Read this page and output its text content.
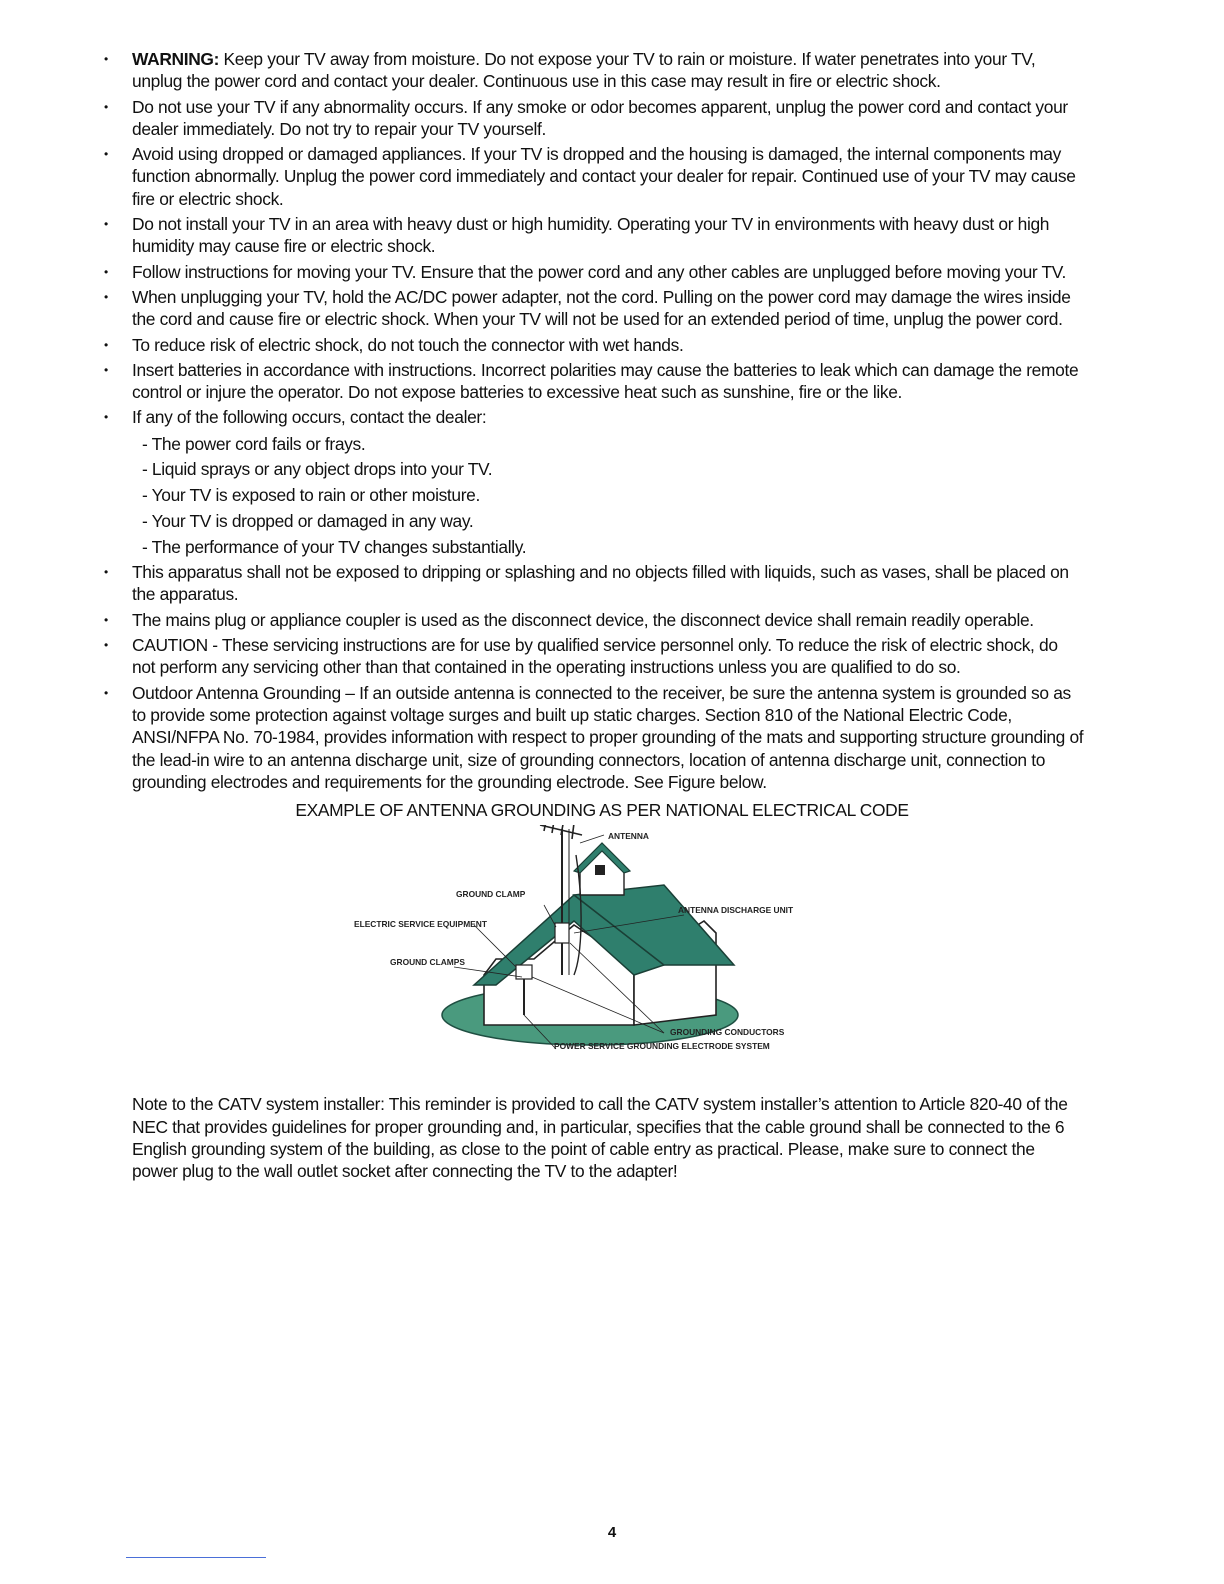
• WARNING: Keep your TV away from moisture. Do not expose your TV to rain or moisture. If water penetrates into your TV, unplug the power cord and contact your dealer. Continuous use in this case may result in fire or electric shock.
• Do not use your TV if any abnormality occurs. If any smoke or odor becomes apparent, unplug the power cord and contact your dealer immediately. Do not try to repair your TV yourself.
• Avoid using dropped or damaged appliances. If your TV is dropped and the housing is damaged, the internal components may function abnormally. Unplug the power cord immediately and contact your dealer for repair. Continued use of your TV may cause fire or electric shock.
• Do not install your TV in an area with heavy dust or high humidity. Operating your TV in environments with heavy dust or high humidity may cause fire or electric shock.
• Follow instructions for moving your TV. Ensure that the power cord and any other cables are unplugged before moving your TV.
• When unplugging your TV, hold the AC/DC power adapter, not the cord. Pulling on the power cord may damage the wires inside the cord and cause fire or electric shock. When your TV will not be used for an extended period of time, unplug the power cord.
• To reduce risk of electric shock, do not touch the connector with wet hands.
• Insert batteries in accordance with instructions. Incorrect polarities may cause the batteries to leak which can damage the remote control or injure the operator. Do not expose batteries to excessive heat such as sunshine, fire or the like.
• If any of the following occurs, contact the dealer:
- The power cord fails or frays.
- Liquid sprays or any object drops into your TV.
- Your TV is exposed to rain or other moisture.
- Your TV is dropped or damaged in any way.
- The performance of your TV changes substantially.
• This apparatus shall not be exposed to dripping or splashing and no objects filled with liquids, such as vases, shall be placed on the apparatus.
• The mains plug or appliance coupler is used as the disconnect device, the disconnect device shall remain readily operable.
• CAUTION - These servicing instructions are for use by qualified service personnel only. To reduce the risk of electric shock, do not perform any servicing other than that contained in the operating instructions unless you are qualified to do so.
• Outdoor Antenna Grounding – If an outside antenna is connected to the receiver, be sure the antenna system is grounded so as to provide some protection against voltage surges and built up static charges. Section 810 of the National Electric Code, ANSI/NFPA No. 70-1984, provides information with respect to proper grounding of the mats and supporting structure grounding of the lead-in wire to an antenna discharge unit, size of grounding connectors, location of antenna discharge unit, connection to grounding electrodes and requirements for the grounding electrode. See Figure below.
EXAMPLE OF ANTENNA GROUNDING AS PER NATIONAL ELECTRICAL CODE
ANTENNA
GROUND CLAMP
ANTENNA DISCHARGE UNIT
ELECTRIC SERVICE EQUIPMENT
GROUND CLAMPS
GROUNDING CONDUCTORS
POWER SERVICE GROUNDING ELECTRODE SYSTEM
Note to the CATV system installer: This reminder is provided to call the CATV system installer’s attention to Article 820-40 of the NEC that provides guidelines for proper grounding and, in particular, specifies that the cable ground shall be connected to the 6 English grounding system of the building, as close to the point of cable entry as practical. Please, make sure to connect the power plug to the wall outlet socket after connecting the TV to the adapter!
4
